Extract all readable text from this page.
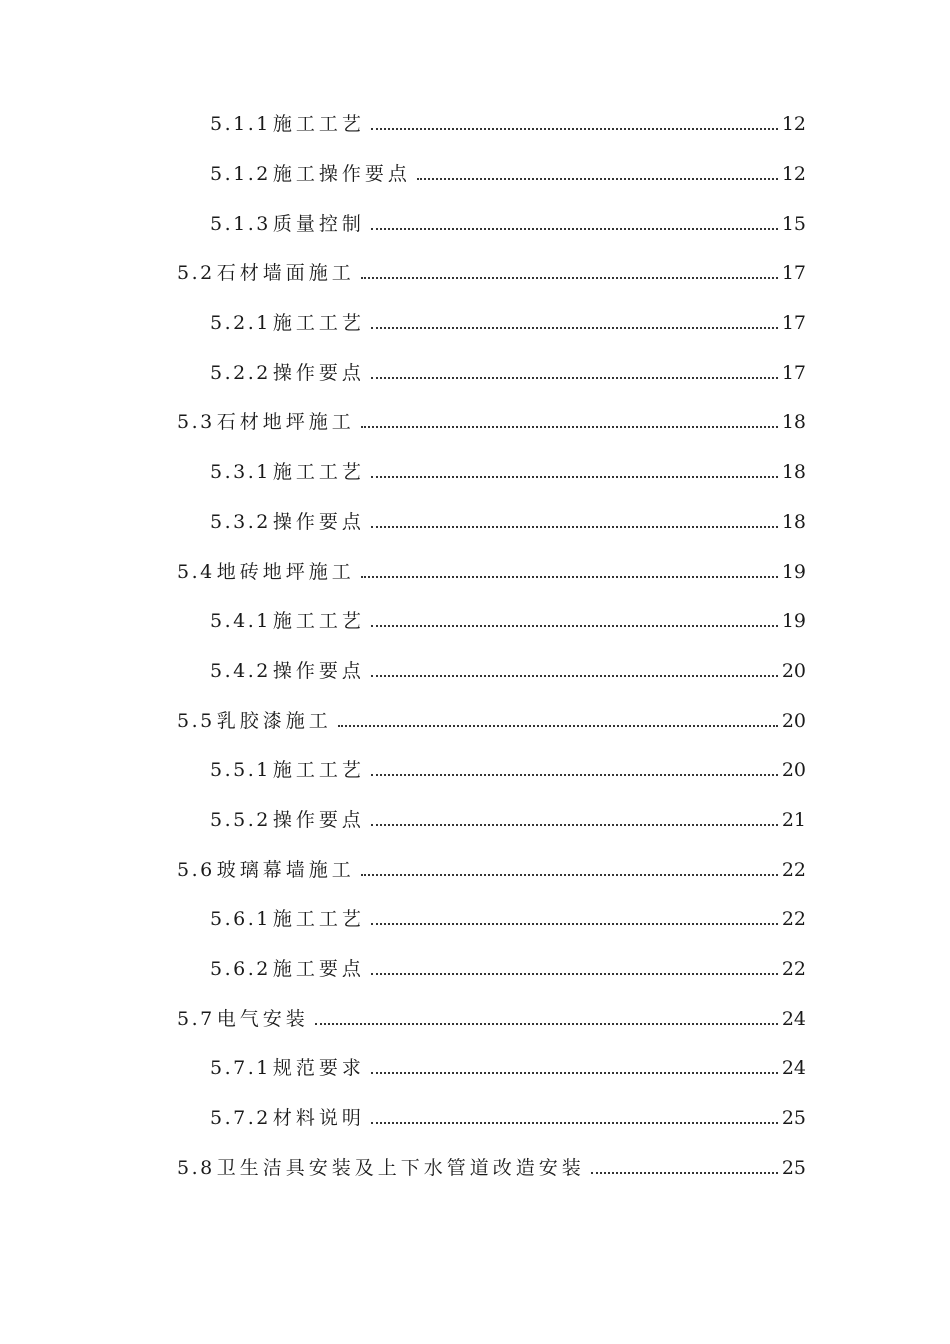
5.1.1 施工工艺	12
5.1.2 施工操作要点	12
5.1.3 质量控制	15
5.2 石材墙面施工	17
5.2.1 施工工艺	17
5.2.2 操作要点	17
5.3 石材地坪施工	18
5.3.1 施工工艺	18
5.3.2 操作要点	18
5.4 地砖地坪施工	19
5.4.1 施工工艺	19
5.4.2 操作要点	20
5.5 乳胶漆施工	20
5.5.1 施工工艺	20
5.5.2 操作要点	21
5.6 玻璃幕墙施工	22
5.6.1 施工工艺	22
5.6.2 施工要点	22
5.7 电气安装	24
5.7.1 规范要求	24
5.7.2 材料说明	25
5.8 卫生洁具安装及上下水管道改造安装	25
